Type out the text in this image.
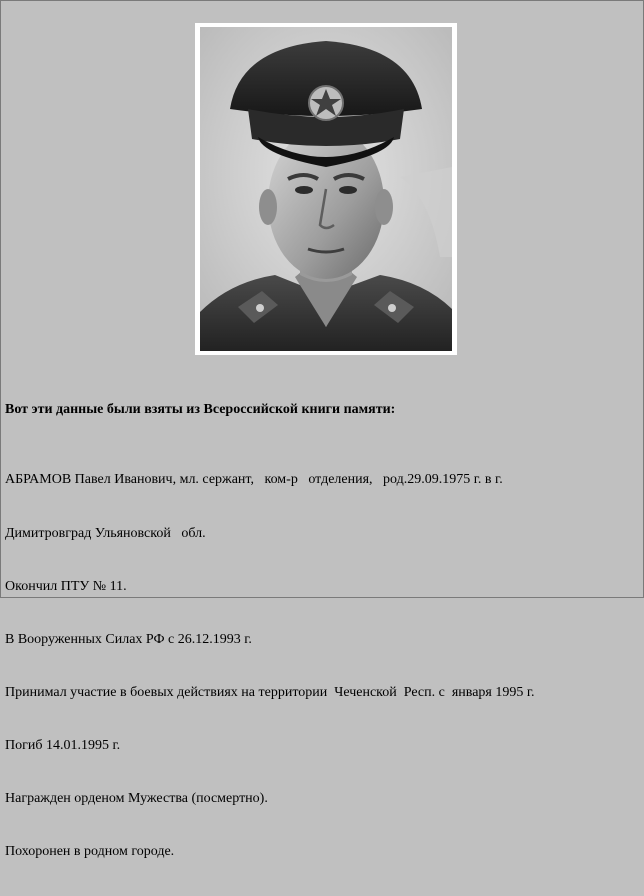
Вот эти данные были взяты из Всероссийской книги памяти:

АБРАМОВ Павел Иванович, мл. сержант,   ком-р   отделения,   род.29.09.1975 г. в г.

Димитровград Ульяновской   обл.

Окончил ПТУ № 11.

В Вооруженных Силах РФ с 26.12.1993 г.

Принимал участие в боевых действиях на территории  Чеченской  Респ. с  января 1995 г.

Погиб 14.01.1995 г.

Награжден орденом Мужества (посмертно).

Похоронен в родном городе.
